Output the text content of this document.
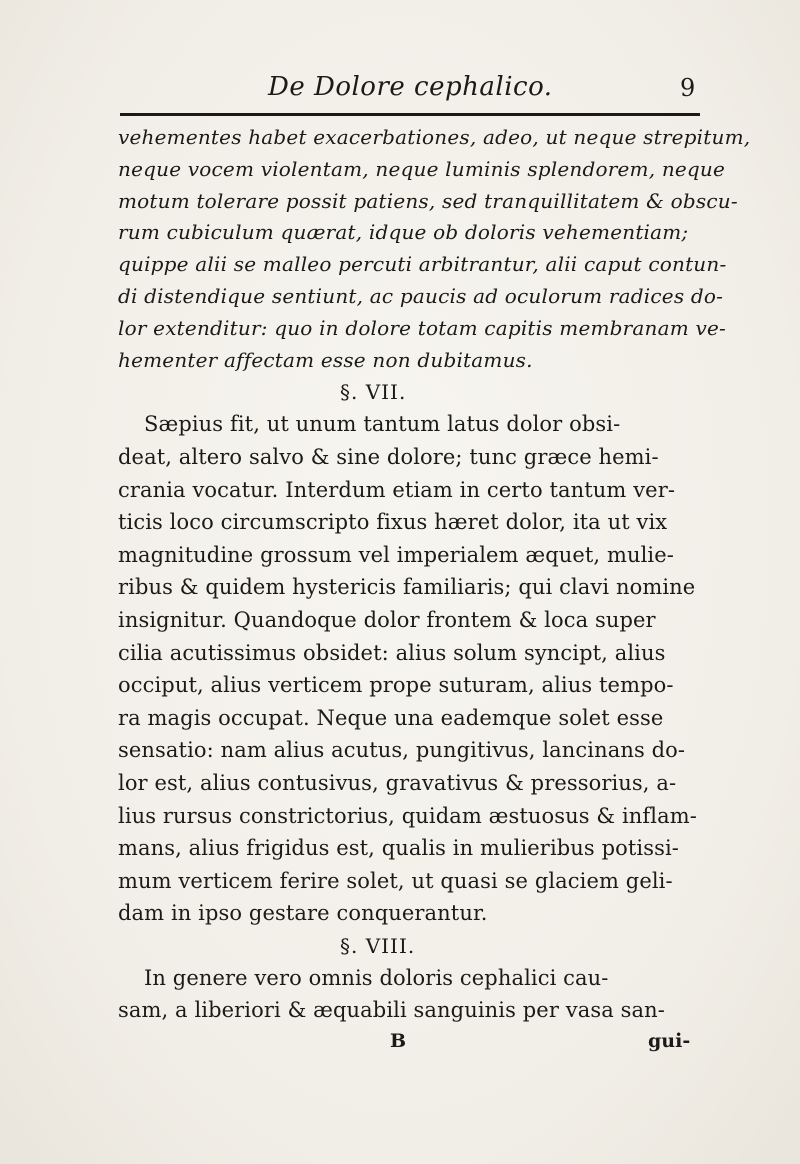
De Dolore cephalico.	9
vehementes habet exacerbationes, adeo, ut neque strepitum,
neque vocem violentam, neque luminis splendorem, neque
motum tolerare possit patiens, sed tranquillitatem & obscu-
rum cubiculum quærat, idque ob doloris vehementiam;
quippe alii se malleo percuti arbitrantur, alii caput contun-
di distendique sentiunt, ac paucis ad oculorum radices do-
lor extenditur: quo in dolore totam capitis membranam ve-
hementer affectam esse non dubitamus.
§. VII.
Sæpius fit, ut unum tantum latus dolor obsi-
deat, altero salvo & sine dolore; tunc græce hemi-
crania vocatur. Interdum etiam in certo tantum ver-
ticis loco circumscripto fixus hæret dolor, ita ut vix
magnitudine grossum vel imperialem æquet, mulie-
ribus & quidem hystericis familiaris; qui clavi nomine
insignitur. Quandoque dolor frontem & loca super
cilia acutissimus obsidet: alius solum syncipt, alius
occiput, alius verticem prope suturam, alius tempo-
ra magis occupat. Neque una eademque solet esse
sensatio: nam alius acutus, pungitivus, lancinans do-
lor est, alius contusivus, gravativus & pressorius, a-
lius rursus constrictorius, quidam æstuosus & inflam-
mans, alius frigidus est, qualis in mulieribus potissi-
mum verticem ferire solet, ut quasi se glaciem geli-
dam in ipso gestare conquerantur.
§. VIII.
In genere vero omnis doloris cephalici cau-
sam, a liberiori & æquabili sanguinis per vasa san-
B	gui-
